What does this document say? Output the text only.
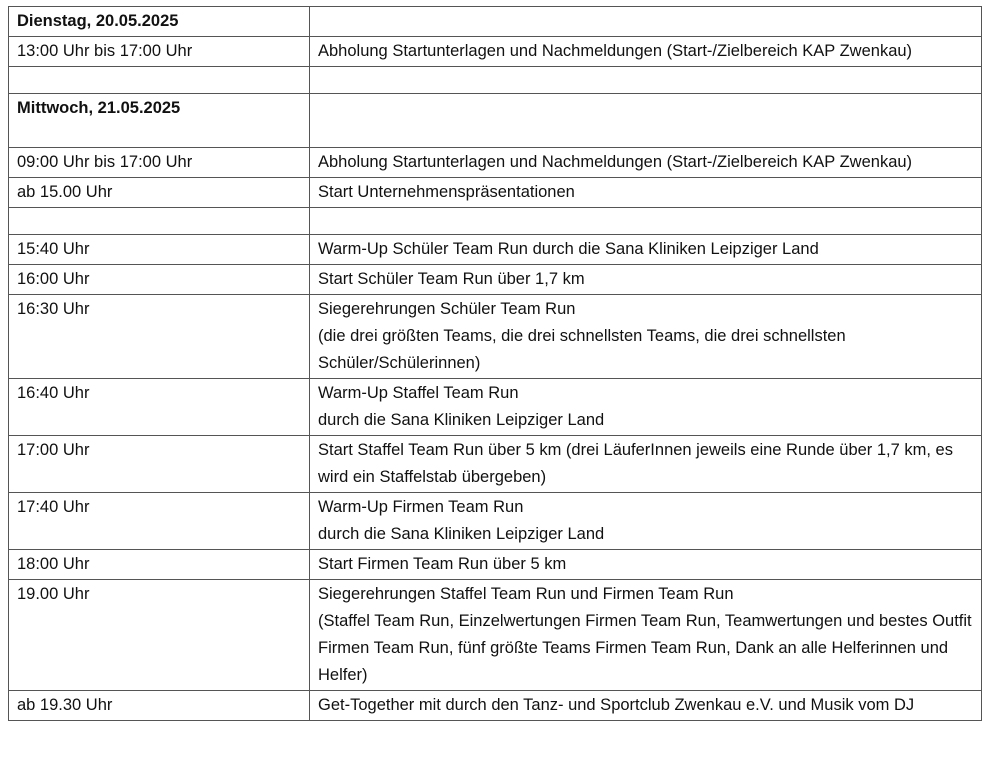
Dienstag, 20.05.2025	
13:00 Uhr bis 17:00 Uhr	Abholung Startunterlagen und Nachmeldungen (Start-/Zielbereich KAP Zwenkau)

Mittwoch, 21.05.2025	
09:00 Uhr bis 17:00 Uhr	Abholung Startunterlagen und Nachmeldungen (Start-/Zielbereich KAP Zwenkau)
ab 15.00 Uhr	Start Unternehmenspräsentationen

15:40 Uhr	Warm-Up Schüler Team Run durch die Sana Kliniken Leipziger Land
16:00 Uhr	Start Schüler Team Run über 1,7 km
16:30 Uhr	Siegerehrungen Schüler Team Run
(die drei größten Teams, die drei schnellsten Teams, die drei schnellsten Schüler/Schülerinnen)
16:40 Uhr	Warm-Up Staffel Team Run
durch die Sana Kliniken Leipziger Land
17:00 Uhr	Start Staffel Team Run über 5 km (drei LäuferInnen jeweils eine Runde über 1,7 km, es wird ein Staffelstab übergeben)
17:40 Uhr	Warm-Up Firmen Team Run
durch die Sana Kliniken Leipziger Land
18:00 Uhr	Start Firmen Team Run über 5 km
19.00 Uhr	Siegerehrungen Staffel Team Run und Firmen Team Run
(Staffel Team Run, Einzelwertungen Firmen Team Run, Teamwertungen und bestes Outfit Firmen Team Run, fünf größte Teams Firmen Team Run, Dank an alle Helferinnen und Helfer)
ab 19.30 Uhr	Get-Together mit durch den Tanz- und Sportclub Zwenkau e.V. und Musik vom DJ
